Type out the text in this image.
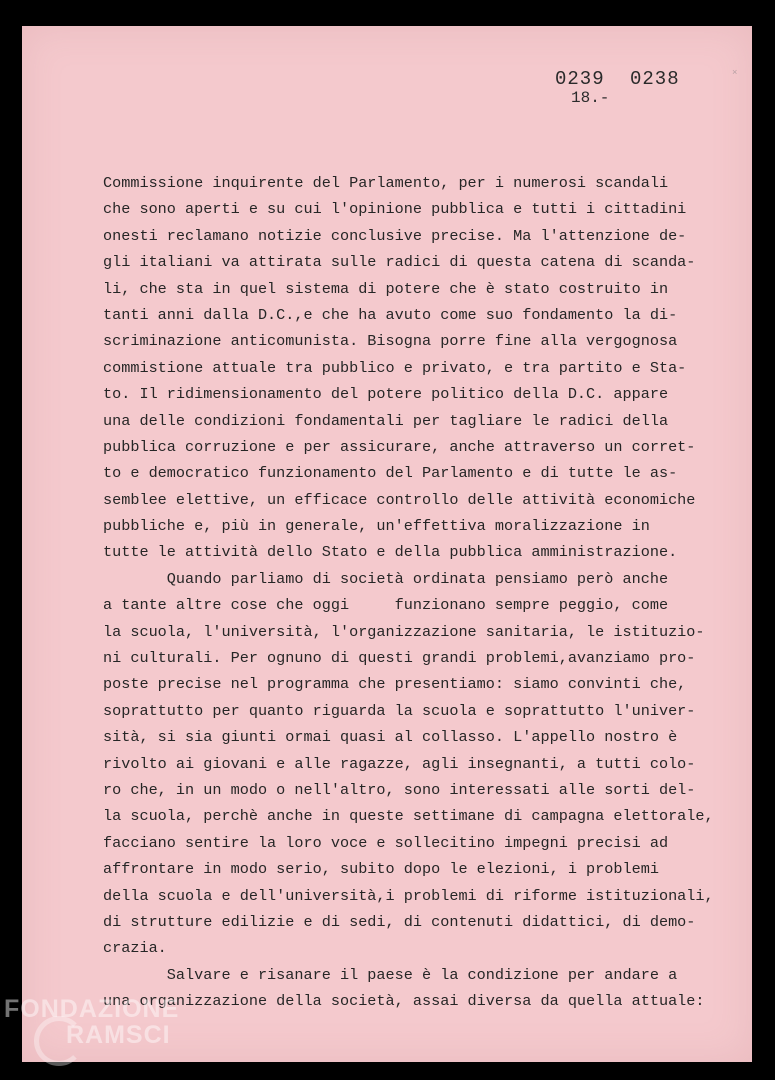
0239 0238	×
18.-
Commissione inquirente del Parlamento, per i numerosi scandali
che sono aperti e su cui l'opinione pubblica e tutti i cittadini
onesti reclamano notizie conclusive precise. Ma l'attenzione de-
gli italiani va attirata sulle radici di questa catena di scanda-
li, che sta in quel sistema di potere che è stato costruito in
tanti anni dalla D.C.,e che ha avuto come suo fondamento la di-
scriminazione anticomunista. Bisogna porre fine alla vergognosa
commistione attuale tra pubblico e privato, e tra partito e Sta-
to. Il ridimensionamento del potere politico della D.C. appare
una delle condizioni fondamentali per tagliare le radici della
pubblica corruzione e per assicurare, anche attraverso un corret-
to e democratico funzionamento del Parlamento e di tutte le as-
semblee elettive, un efficace controllo delle attività economiche
pubbliche e, più in generale, un'effettiva moralizzazione in
tutte le attività dello Stato e della pubblica amministrazione.
Quando parliamo di società ordinata pensiamo però anche
a tante altre cose che oggi     funzionano sempre peggio, come
la scuola, l'università, l'organizzazione sanitaria, le istituzio-
ni culturali. Per ognuno di questi grandi problemi,avanziamo pro-
poste precise nel programma che presentiamo: siamo convinti che,
soprattutto per quanto riguarda la scuola e soprattutto l'univer-
sità, si sia giunti ormai quasi al collasso. L'appello nostro è
rivolto ai giovani e alle ragazze, agli insegnanti, a tutti colo-
ro che, in un modo o nell'altro, sono interessati alle sorti del-
la scuola, perchè anche in queste settimane di campagna elettorale,
facciano sentire la loro voce e sollecitino impegni precisi ad
affrontare in modo serio, subito dopo le elezioni, i problemi
della scuola e dell'università,i problemi di riforme istituzionali,
di strutture edilizie e di sedi, di contenuti didattici, di demo-
crazia.
Salvare e risanare il paese è la condizione per andare a
una organizzazione della società, assai diversa da quella attuale:
FONDAZIONE
RAMSCI
